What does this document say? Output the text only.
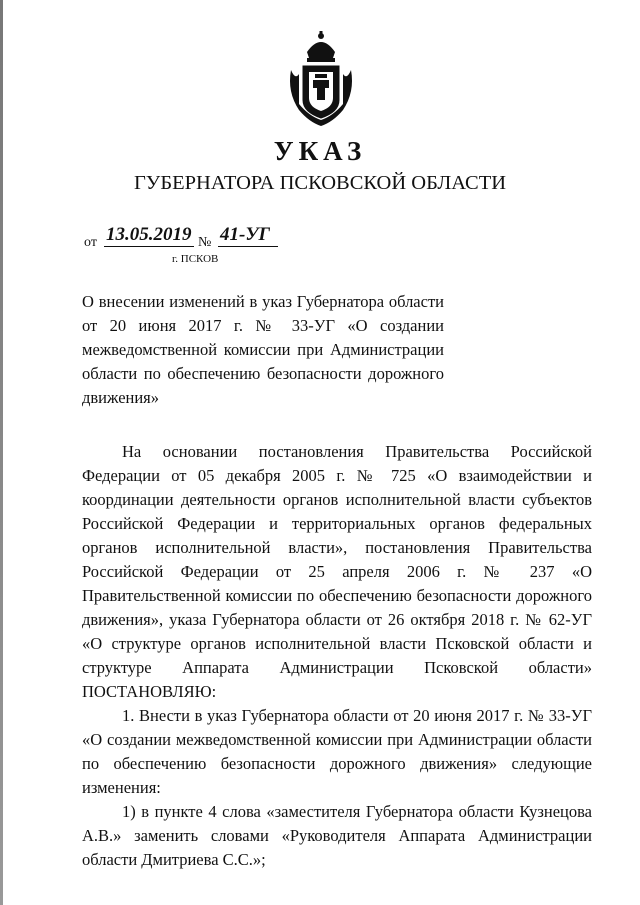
УКАЗ
ГУБЕРНАТОРА ПСКОВСКОЙ ОБЛАСТИ
от 13.05.2019 № 41-УГ
г. ПСКОВ
О внесении изменений в указ Губернатора области от 20 июня 2017 г. № 33-УГ «О создании межведомственной комиссии при Администрации области по обеспечению безопасности дорожного движения»

На основании постановления Правительства Российской Федерации от 05 декабря 2005 г. № 725 «О взаимодействии и координации деятельности органов исполнительной власти субъектов Российской Федерации и территориальных органов федеральных органов исполнительной власти», постановления Правительства Российской Федерации от 25 апреля 2006 г. № 237 «О Правительственной комиссии по обеспечению безопасности дорожного движения», указа Губернатора области от 26 октября 2018 г. № 62-УГ «О структуре органов исполнительной власти Псковской области и структуре Аппарата Администрации Псковской области» ПОСТАНОВЛЯЮ:

1. Внести в указ Губернатора области от 20 июня 2017 г. № 33-УГ «О создании межведомственной комиссии при Администрации области по обеспечению безопасности дорожного движения» следующие изменения:

1) в пункте 4 слова «заместителя Губернатора области Кузнецова А.В.» заменить словами «Руководителя Аппарата Администрации области Дмитриева С.С.»;
